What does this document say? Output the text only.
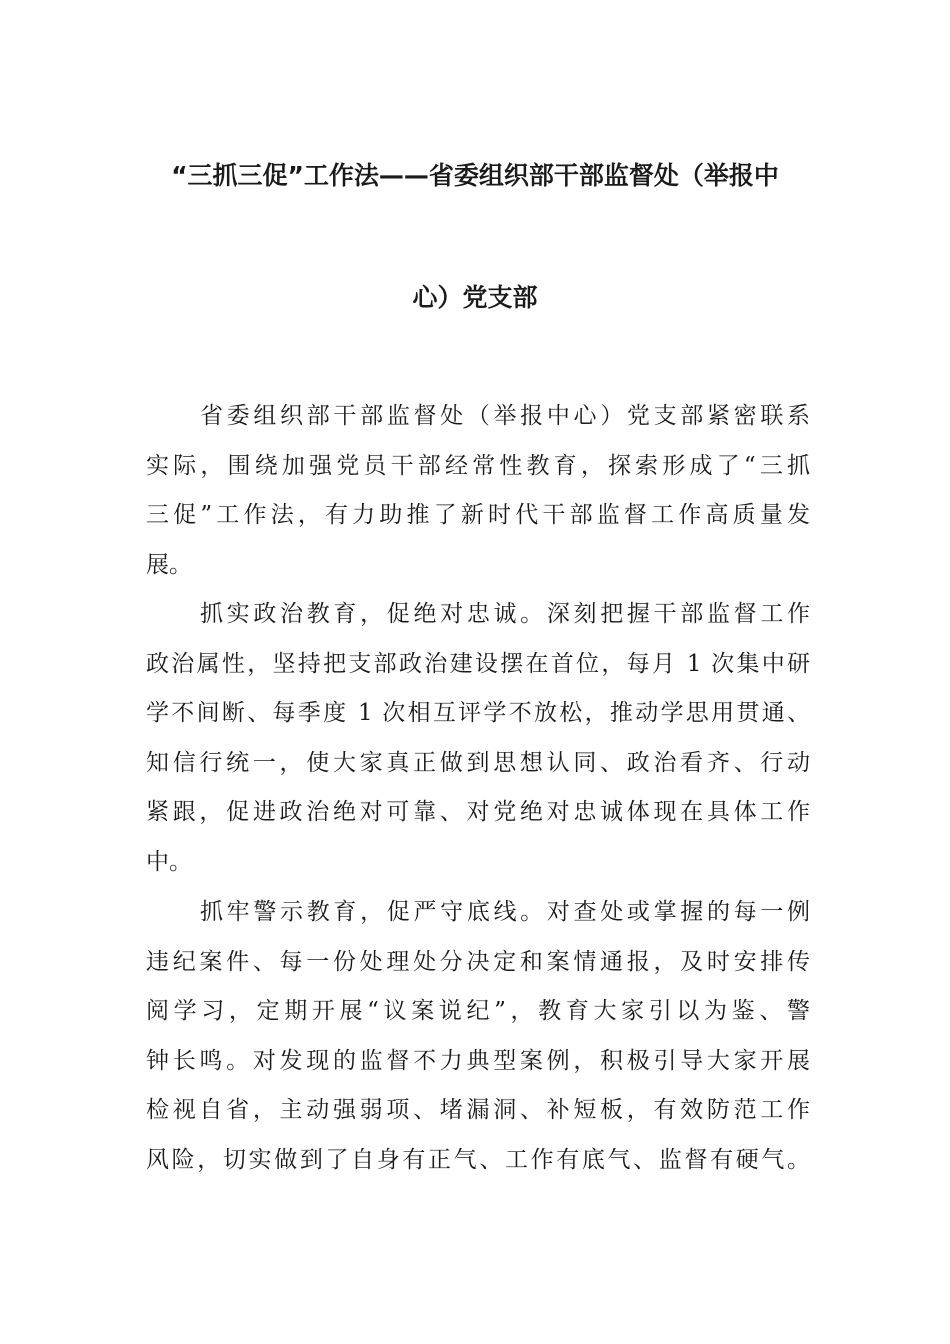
“三抓三促”工作法——省委组织部干部监督处（举报中
心）党支部
省委组织部干部监督处（举报中心）党支部紧密联系
实际，围绕加强党员干部经常性教育，探索形成了“三抓
三促”工作法，有力助推了新时代干部监督工作高质量发
展。
抓实政治教育，促绝对忠诚。深刻把握干部监督工作
政治属性，坚持把支部政治建设摆在首位，每月 1 次集中研
学不间断、每季度 1 次相互评学不放松，推动学思用贯通、
知信行统一，使大家真正做到思想认同、政治看齐、行动
紧跟，促进政治绝对可靠、对党绝对忠诚体现在具体工作
中。
抓牢警示教育，促严守底线。对查处或掌握的每一例
违纪案件、每一份处理处分决定和案情通报，及时安排传
阅学习，定期开展“议案说纪”，教育大家引以为鉴、警
钟长鸣。对发现的监督不力典型案例，积极引导大家开展
检视自省，主动强弱项、堵漏洞、补短板，有效防范工作
风险，切实做到了自身有正气、工作有底气、监督有硬气。
